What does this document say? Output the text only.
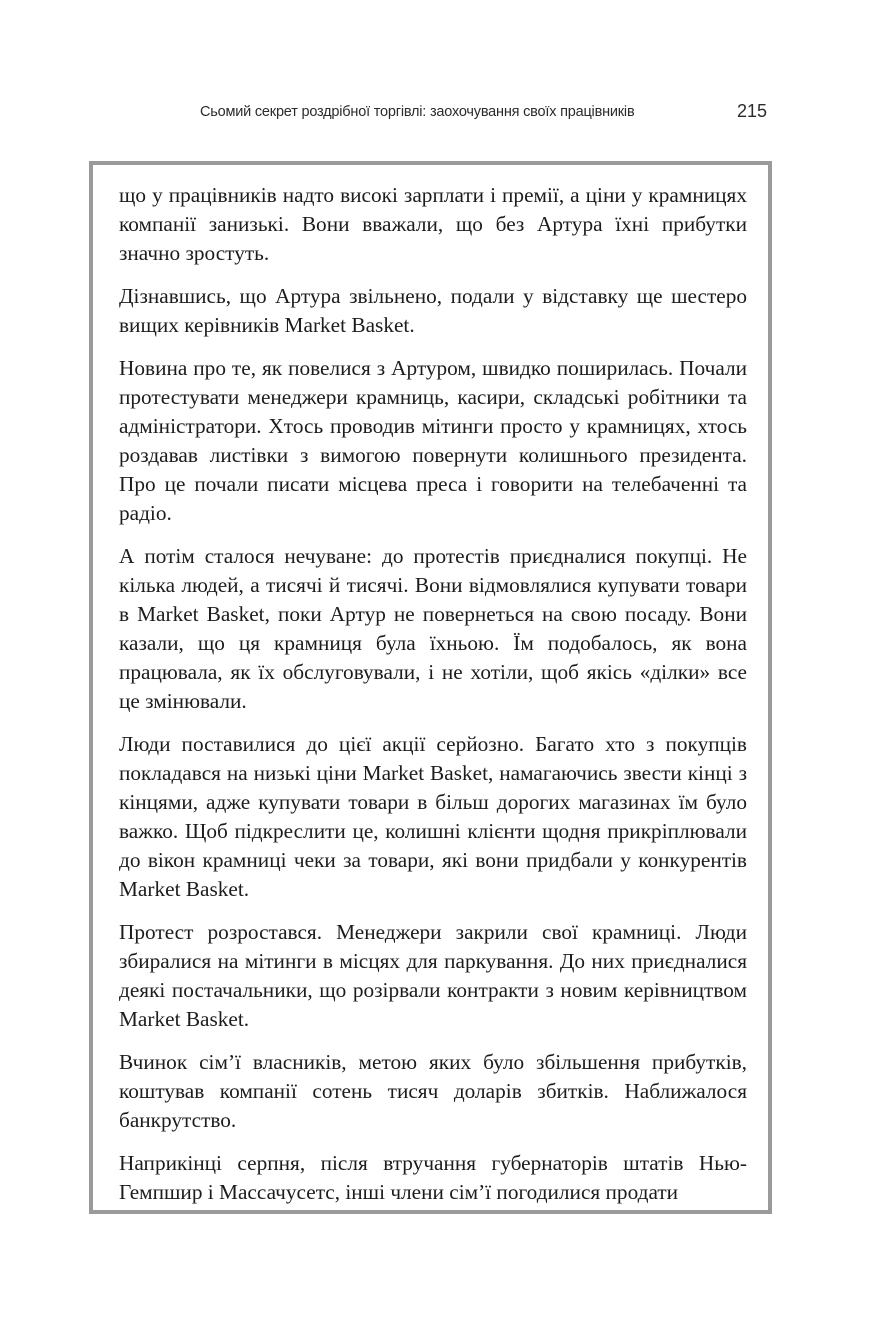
Сьомий секрет роздрібної торгівлі: заохочування своїх працівників	215

що у працівників надто високі зарплати і премії, а ціни у крамницях компанії занизькі. Вони вважали, що без Артура їхні прибутки значно зростуть.

Дізнавшись, що Артура звільнено, подали у відставку ще шестеро вищих керівників Market Basket.

Новина про те, як повелися з Артуром, швидко поширилась. Почали протестувати менеджери крамниць, касири, складські робітники та адміністратори. Хтось проводив мітинги просто у крамницях, хтось роздавав листівки з вимогою повернути колишнього президента. Про це почали писати місцева преса і говорити на телебаченні та радіо.

А потім сталося нечуване: до протестів приєдналися покупці. Не кілька людей, а тисячі й тисячі. Вони відмовлялися купувати товари в Market Basket, поки Артур не повернеться на свою посаду. Вони казали, що ця крамниця була їхньою. Їм подобалось, як вона працювала, як їх обслуговували, і не хотіли, щоб якісь «ділки» все це змінювали.

Люди поставилися до цієї акції серйозно. Багато хто з покупців покладався на низькі ціни Market Basket, намагаючись звести кінці з кінцями, адже купувати товари в більш дорогих магазинах їм було важко. Щоб підкреслити це, колишні клієнти щодня прикріплювали до вікон крамниці чеки за товари, які вони придбали у конкурентів Market Basket.

Протест розростався. Менеджери закрили свої крамниці. Люди збиралися на мітинги в місцях для паркування. До них приєдналися деякі постачальники, що розірвали контракти з новим керівництвом Market Basket.

Вчинок сім’ї власників, метою яких було збільшення прибутків, коштував компанії сотень тисяч доларів збитків. Наближалося банкрутство.

Наприкінці серпня, після втручання губернаторів штатів Нью-Гемпшир і Массачусетс, інші члени сім’ї погодилися продати
